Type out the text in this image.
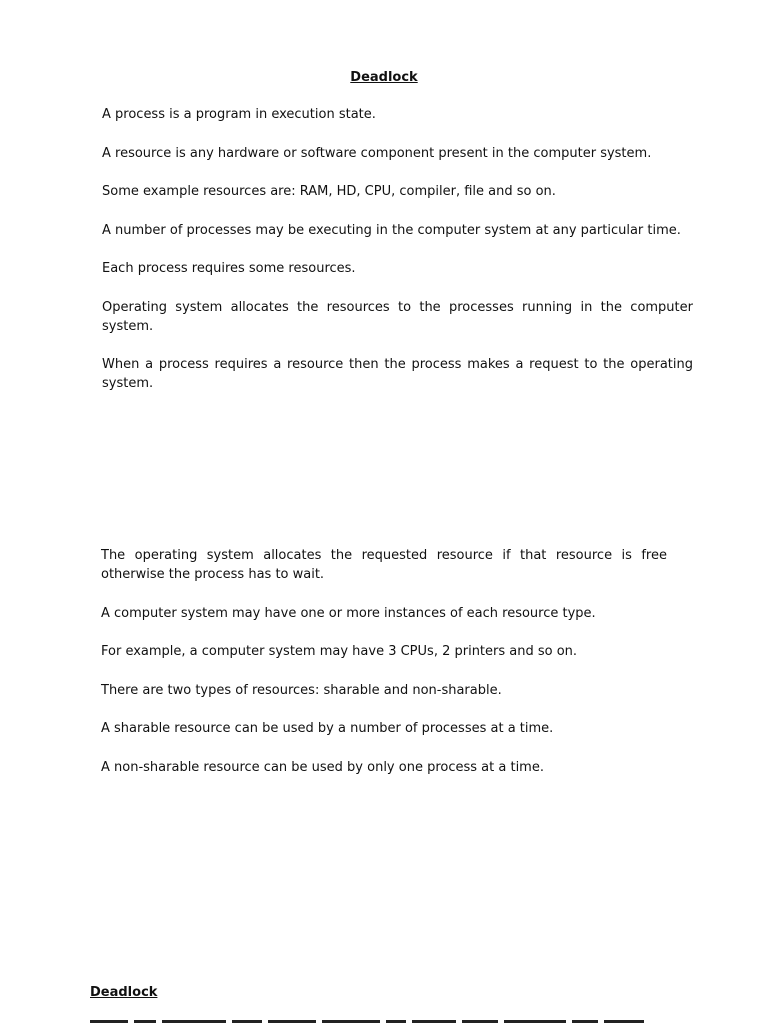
Deadlock

A process is a program in execution state.

A resource is any hardware or software component present in the computer system.

Some example resources are: RAM, HD, CPU, compiler, file and so on.

A number of processes may be executing in the computer system at any particular time.

Each process requires some resources.

Operating system allocates the resources to the processes running in the computer system.

When a process requires a resource then the process makes a request to the operating system.

The operating system allocates the requested resource if that resource is free otherwise the process has to wait.

A computer system may have one or more instances of each resource type.

For example, a computer system may have 3 CPUs, 2 printers and so on.

There are two types of resources: sharable and non-sharable.

A sharable resource can be used by a number of processes at a time.

A non-sharable resource can be used by only one process at a time.

Deadlock
